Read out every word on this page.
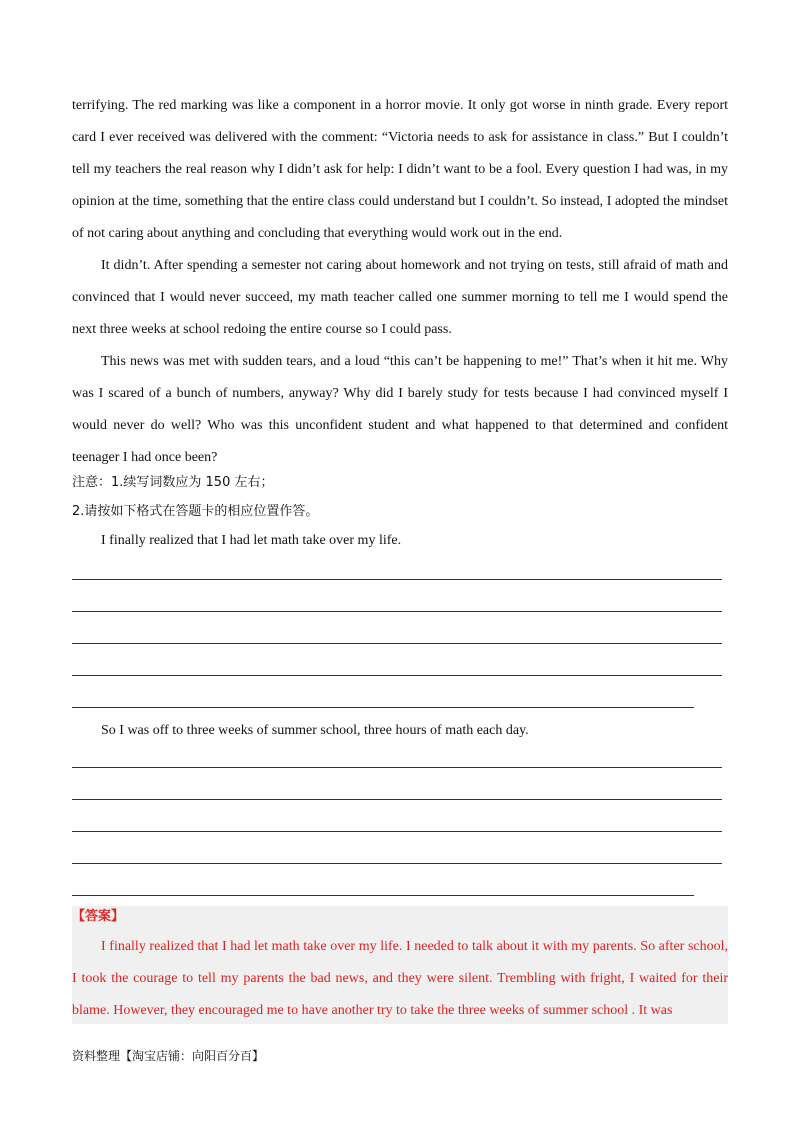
terrifying. The red marking was like a component in a horror movie. It only got worse in ninth grade. Every report card I ever received was delivered with the comment: “Victoria needs to ask for assistance in class.” But I couldn’t tell my teachers the real reason why I didn’t ask for help: I didn’t want to be a fool. Every question I had was, in my opinion at the time, something that the entire class could understand but I couldn’t. So instead, I adopted the mindset of not caring about anything and concluding that everything would work out in the end.

It didn’t. After spending a semester not caring about homework and not trying on tests, still afraid of math and convinced that I would never succeed, my math teacher called one summer morning to tell me I would spend the next three weeks at school redoing the entire course so I could pass.

This news was met with sudden tears, and a loud “this can’t be happening to me!” That’s when it hit me. Why was I scared of a bunch of numbers, anyway? Why did I barely study for tests because I had convinced myself I would never do well? Who was this unconfident student and what happened to that determined and confident teenager I had once been?

注意：1.续写词数应为 150 左右；

2.请按如下格式在答题卡的相应位置作答。

I finally realized that I had let math take over my life.

So I was off to three weeks of summer school, three hours of math each day.

【答案】

I finally realized that I had let math take over my life. I needed to talk about it with my parents. So after school, I took the courage to tell my parents the bad news, and they were silent. Trembling with fright, I waited for their blame. However, they encouraged me to have another try to take the three weeks of summer school . It was

资料整理【淘宝店铺：向阳百分百】
